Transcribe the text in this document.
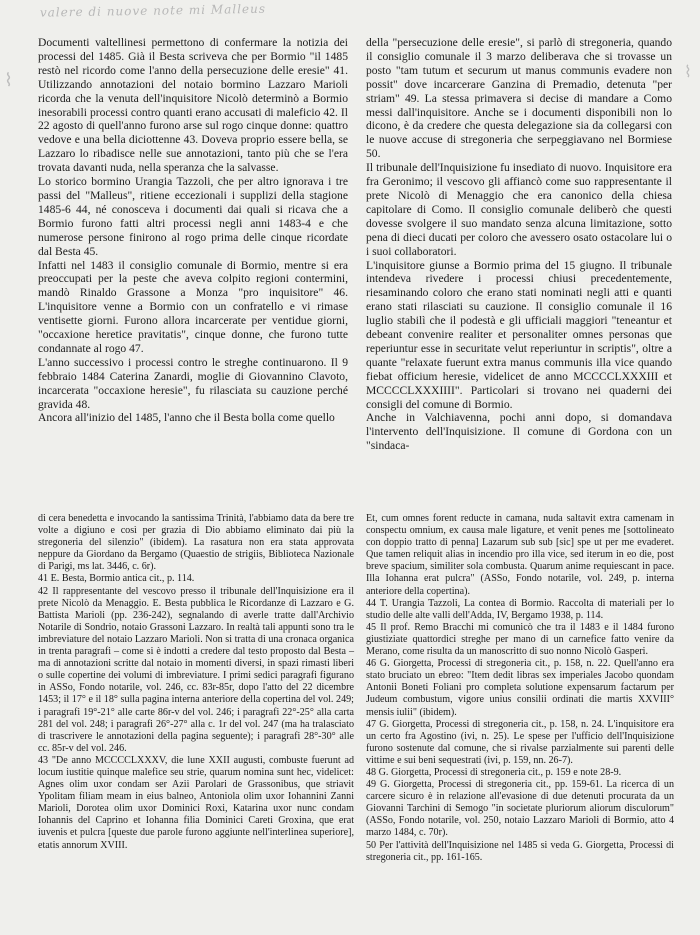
valere di nuove note mi Malleus
⌇	⌇

Documenti valtellinesi permettono di confermare la notizia dei processi del 1485. Già il Besta scriveva che per Bormio "il 1485 restò nel ricordo come l'anno della persecuzione delle eresie" 41. Utilizzando annotazioni del notaio bormino Lazzaro Marioli ricorda che la venuta dell'inquisitore Nicolò determinò a Bormio inesorabili processi contro quanti erano accusati di maleficio 42. Il 22 agosto di quell'anno furono arse sul rogo cinque donne: quattro vedove e una bella diciottenne 43. Doveva proprio essere bella, se Lazzaro lo ribadisce nelle sue annotazioni, tanto più che se l'era trovata davanti nuda, nella speranza che la salvasse.

Lo storico bormino Urangia Tazzoli, che per altro ignorava i tre passi del "Malleus", ritiene eccezionali i supplizi della stagione 1485-6 44, né conosceva i documenti dai quali si ricava che a Bormio furono fatti altri processi negli anni 1483-4 e che numerose persone finirono al rogo prima delle cinque ricordate dal Besta 45.

Infatti nel 1483 il consiglio comunale di Bormio, mentre si era preoccupati per la peste che aveva colpito regioni contermini, mandò Rinaldo Grassone a Monza "pro inquisitore" 46. L'inquisitore venne a Bormio con un confratello e vi rimase ventisette giorni. Furono allora incarcerate per ventidue giorni, "occaxione heretice pravitatis", cinque donne, che furono tutte condannate al rogo 47.

L'anno successivo i processi contro le streghe continuarono. Il 9 febbraio 1484 Caterina Zanardi, moglie di Giovannino Clavoto, incarcerata "occaxione heresie", fu rilasciata su cauzione perché gravida 48.

Ancora all'inizio del 1485, l'anno che il Besta bolla come quello

della "persecuzione delle eresie", si parlò di stregoneria, quando il consiglio comunale il 3 marzo deliberava che si trovasse un posto "tam tutum et securum ut manus communis evadere non possit" dove incarcerare Ganzina di Premadio, detenuta "per striam" 49. La stessa primavera si decise di mandare a Como messi dall'inquisitore. Anche se i documenti disponibili non lo dicono, è da credere che questa delegazione sia da collegarsi con le nuove accuse di stregoneria che serpeggiavano nel Bormiese 50.

Il tribunale dell'Inquisizione fu insediato di nuovo. Inquisitore era fra Geronimo; il vescovo gli affiancò come suo rappresentante il prete Nicolò di Menaggio che era canonico della chiesa capitolare di Como. Il consiglio comunale deliberò che questi dovesse svolgere il suo mandato senza alcuna limitazione, sotto pena di dieci ducati per coloro che avessero osato ostacolare lui o i suoi collaboratori.

L'inquisitore giunse a Bormio prima del 15 giugno. Il tribunale intendeva rivedere i processi chiusi precedentemente, riesaminando coloro che erano stati nominati negli atti e quanti erano stati rilasciati su cauzione. Il consiglio comunale il 16 luglio stabilì che il podestà e gli ufficiali maggiori "teneantur et debeant convenire realiter et personaliter omnes personas que reperiuntur esse in securitate velut reperiuntur in scriptis", oltre a quante "relaxate fuerunt extra manus communis illa vice quando fiebat officium heresie, videlicet de anno MCCCCLXXXIII et MCCCCLXXXIIII". Particolari si trovano nei quaderni dei consigli del comune di Bormio.

Anche in Valchiavenna, pochi anni dopo, si domandava l'intervento dell'Inquisizione. Il comune di Gordona con un "sindaca-

di cera benedetta e invocando la santissima Trinità, l'abbiamo data da bere tre volte a digiuno e così per grazia di Dio abbiamo eliminato dai più la stregoneria del silenzio" (ibidem). La rasatura non era stata approvata neppure da Giordano da Bergamo (Quaestio de strigiis, Biblioteca Nazionale di Parigi, ms lat. 3446, c. 6r).

41 E. Besta, Bormio antica cit., p. 114.

42 Il rappresentante del vescovo presso il tribunale dell'Inquisizione era il prete Nicolò da Menaggio. E. Besta pubblica le Ricordanze di Lazzaro e G. Battista Marioli (pp. 236-242), segnalando di averle tratte dall'Archivio Notarile di Sondrio, notaio Grassoni Lazzaro. In realtà tali appunti sono tra le imbreviature del notaio Lazzaro Marioli. Non si tratta di una cronaca organica in trenta paragrafi – come si è indotti a credere dal testo proposto dal Besta – ma di annotazioni scritte dal notaio in momenti diversi, in spazi rimasti liberi o sulle copertine dei volumi di imbreviature. I primi sedici paragrafi figurano in ASSo, Fondo notarile, vol. 246, cc. 83r-85r, dopo l'atto del 22 dicembre 1453; il 17° e il 18° sulla pagina interna anteriore della copertina del vol. 249; i paragrafi 19°-21° alle carte 86r-v del vol. 246; i paragrafi 22°-25° alla carta 281 del vol. 248; i paragrafi 26°-27° alla c. 1r del vol. 247 (ma ha tralasciato di trascrivere le annotazioni della pagina seguente); i paragrafi 28°-30° alle cc. 85r-v del vol. 246.

43 "De anno MCCCCLXXXV, die lune XXII augusti, combuste fuerunt ad locum iustitie quinque malefice seu strie, quarum nomina sunt hec, videlicet: Agnes olim uxor condam ser Azii Parolari de Grassonibus, que striavit Ypolitam filiam meam in eius balneo, Antoniola olim uxor Iohannini Zanni Marioli, Dorotea olim uxor Dominici Roxi, Katarina uxor nunc condam Iohannis del Caprino et Iohanna filia Dominici Careti Groxina, que erat iuvenis et pulcra [queste due parole furono aggiunte nell'interlinea superiore], etatis annorum XVIII.

Et, cum omnes forent reducte in camana, nuda saltavit extra camenam in conspectu omnium, ex causa male ligature, et venit penes me [sottolineato con doppio tratto di penna] Lazarum sub sub [sic] spe ut per me evaderet. Que tamen reliquit alias in incendio pro illa vice, sed iterum in eo die, post breve spacium, similiter sola combusta. Quarum anime requiescant in pace. Illa Iohanna erat pulcra" (ASSo, Fondo notarile, vol. 249, p. interna anteriore della copertina).

44 T. Urangia Tazzoli, La contea di Bormio. Raccolta di materiali per lo studio delle alte valli dell'Adda, IV, Bergamo 1938, p. 114.

45 Il prof. Remo Bracchi mi comunicò che tra il 1483 e il 1484 furono giustiziate quattordici streghe per mano di un carnefice fatto venire da Merano, come risulta da un manoscritto di suo nonno Nicolò Gasperi.

46 G. Giorgetta, Processi di stregoneria cit., p. 158, n. 22. Quell'anno era stato bruciato un ebreo: "Item dedit libras sex imperiales Jacobo quondam Antonii Boneti Foliani pro completa solutione expensarum factarum per Judeum combustum, vigore unius consilii ordinati die martis XXVIII° mensis iulii" (ibidem).

47 G. Giorgetta, Processi di stregoneria cit., p. 158, n. 24. L'inquisitore era un certo fra Agostino (ivi, n. 25). Le spese per l'ufficio dell'Inquisizione furono sostenute dal comune, che si rivalse parzialmente sui parenti delle vittime e sui beni sequestrati (ivi, p. 159, nn. 26-7).

48 G. Giorgetta, Processi di stregoneria cit., p. 159 e note 28-9.

49 G. Giorgetta, Processi di stregoneria cit., pp. 159-61. La ricerca di un carcere sicuro è in relazione all'evasione di due detenuti procurata da un Giovanni Tarchini di Semogo "in societate pluriorum aliorum disculorum" (ASSo, Fondo notarile, vol. 250, notaio Lazzaro Marioli di Bormio, atto 4 marzo 1484, c. 70r).

50 Per l'attività dell'Inquisizione nel 1485 si veda G. Giorgetta, Processi di stregoneria cit., pp. 161-165.
